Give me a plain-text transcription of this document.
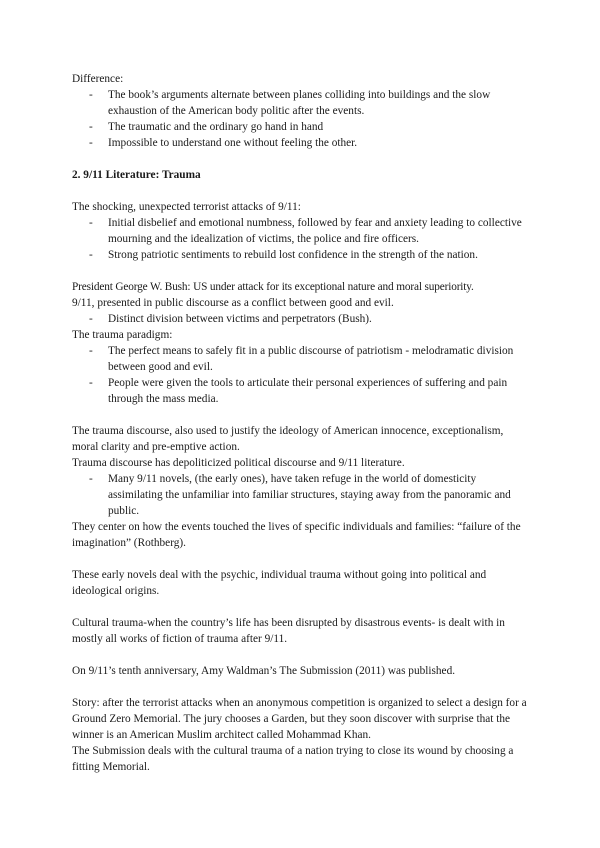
Difference:

- The book’s arguments alternate between planes colliding into buildings and the slow exhaustion of the American body politic after the events.
- The traumatic and the ordinary go hand in hand
- Impossible to understand one without feeling the other.
2. 9/11 Literature: Trauma

The shocking, unexpected terrorist attacks of 9/11:

- Initial disbelief and emotional numbness, followed by fear and anxiety leading to collective mourning and the idealization of victims, the police and fire officers.
- Strong patriotic sentiments to rebuild lost confidence in the strength of the nation.

President George W. Bush: US under attack for its exceptional nature and moral superiority.

9/11, presented in public discourse as a conflict between good and evil.

- Distinct division between victims and perpetrators (Bush).

The trauma paradigm:

- The perfect means to safely fit in a public discourse of patriotism - melodramatic division between good and evil.
- People were given the tools to articulate their personal experiences of suffering and pain through the mass media.

The trauma discourse, also used to justify the ideology of American innocence, exceptionalism, moral clarity and pre-emptive action.

Trauma discourse has depoliticized political discourse and 9/11 literature.

- Many 9/11 novels, (the early ones), have taken refuge in the world of domesticity assimilating the unfamiliar into familiar structures, staying away from the panoramic and public.

They center on how the events touched the lives of specific individuals and families: “failure of the imagination” (Rothberg).

These early novels deal with the psychic, individual trauma without going into political and ideological origins.

Cultural trauma-when the country’s life has been disrupted by disastrous events- is dealt with in mostly all works of fiction of trauma after 9/11.

On 9/11’s tenth anniversary, Amy Waldman’s The Submission (2011) was published.

Story: after the terrorist attacks when an anonymous competition is organized to select a design for a Ground Zero Memorial. The jury chooses a Garden, but they soon discover with surprise that the winner is an American Muslim architect called Mohammad Khan.

The Submission deals with the cultural trauma of a nation trying to close its wound by choosing a fitting Memorial.
